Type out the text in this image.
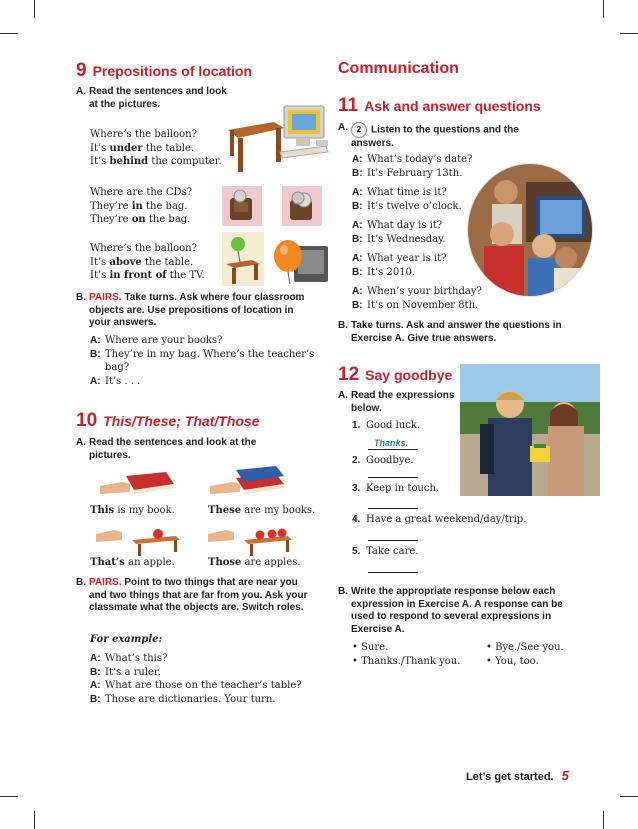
9 Prepositions of location
A. Read the sentences and look at the pictures.
Where’s the balloon?
It’s under the table.
It’s behind the computer.
Where are the CDs?
They’re in the bag.
They’re on the bag.
Where’s the balloon?
It’s above the table.
It’s in front of the TV.
B. PAIRS. Take turns. Ask where four classroom objects are. Use prepositions of location in your answers.
A: Where are your books?
B: They’re in my bag. Where’s the teacher’s
bag?
A: It’s . . .
10 This/These; That/Those
A. Read the sentences and look at the pictures.
This is my book.	These are my books.
That’s an apple.	Those are apples.
B. PAIRS. Point to two things that are near you and two things that are far from you. Ask your classmate what the objects are. Switch roles.
For example:
A: What’s this?
B: It’s a ruler.
A: What are those on the teacher’s table?
B: Those are dictionaries. Your turn.
Communication
11 Ask and answer questions
A.	2 Listen to the questions and the answers.
A: What’s today’s date?
B: It’s February 13th.
A: What time is it?
B: It’s twelve o’clock.
A: What day is it?
B: It’s Wednesday.
A: What year is it?
B: It’s 2010.
A: When’s your birthday?
B: It’s on November 8th.
B. Take turns. Ask and answer the questions in Exercise A. Give true answers.
12 Say goodbye
A. Read the expressions below.
1. Good luck.
Thanks.
2. Goodbye.
3. Keep in touch.
4. Have a great weekend/day/trip.
5. Take care.
B. Write the appropriate response below each expression in Exercise A. A response can be used to respond to several expressions in Exercise A.
• Sure.
• Thanks./Thank you.
• Bye./See you.
• You, too.
Let’s get started. 5
